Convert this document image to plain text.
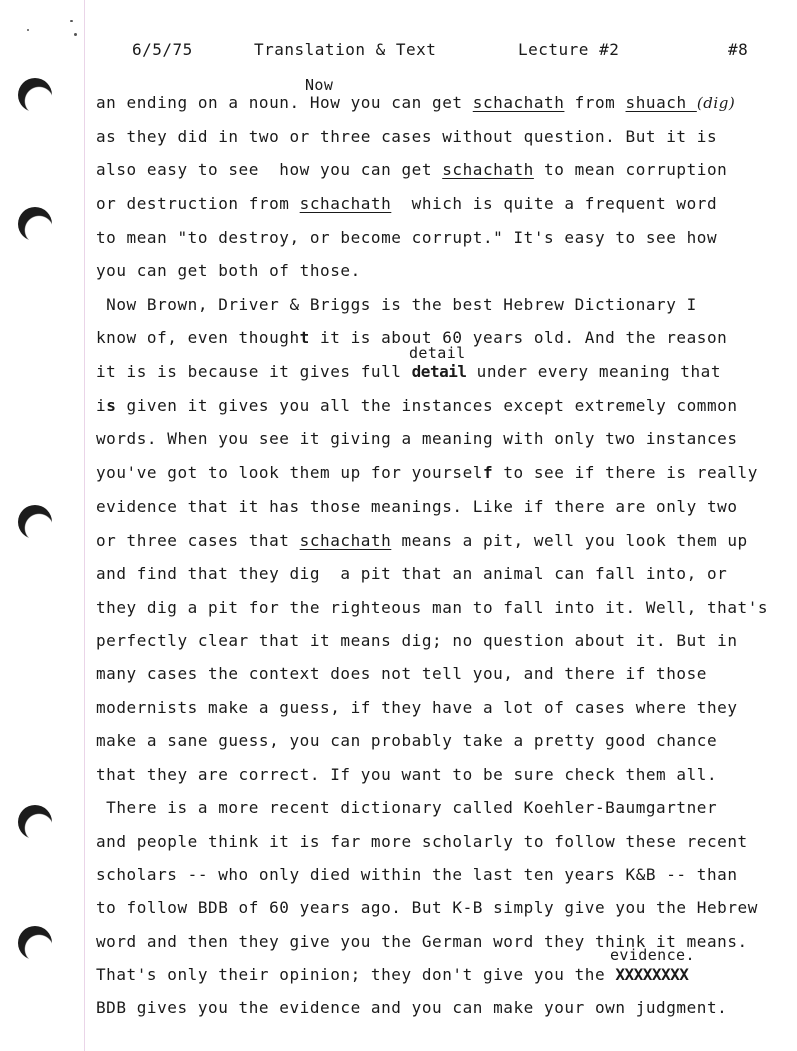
6/5/75	Translation & Text	Lecture #2	#8
Now
detail
evidence.
an ending on a noun. How you can get schachath from shuach (dig)
as they did in two or three cases without question. But it is
also easy to see  how you can get schachath to mean corruption
or destruction from schachath  which is quite a frequent word
to mean "to destroy, or become corrupt." It's easy to see how
you can get both of those.
Now Brown, Driver & Briggs is the best Hebrew Dictionary I
know of, even thought it is about 60 years old. And the reason
it is is because it gives full detail under every meaning that
is given it gives you all the instances except extremely common
words. When you see it giving a meaning with only two instances
you've got to look them up for yourself to see if there is really
evidence that it has those meanings. Like if there are only two
or three cases that schachath means a pit, well you look them up
and find that they dig  a pit that an animal can fall into, or
they dig a pit for the righteous man to fall into it. Well, that's
perfectly clear that it means dig; no question about it. But in
many cases the context does not tell you, and there if those
modernists make a guess, if they have a lot of cases where they
make a sane guess, you can probably take a pretty good chance
that they are correct. If you want to be sure check them all.
There is a more recent dictionary called Koehler-Baumgartner
and people think it is far more scholarly to follow these recent
scholars -- who only died within the last ten years K&B -- than
to follow BDB of 60 years ago. But K-B simply give you the Hebrew
word and then they give you the German word they think it means.
That's only their opinion; they don't give you the XXXXXXXX
BDB gives you the evidence and you can make your own judgment.
